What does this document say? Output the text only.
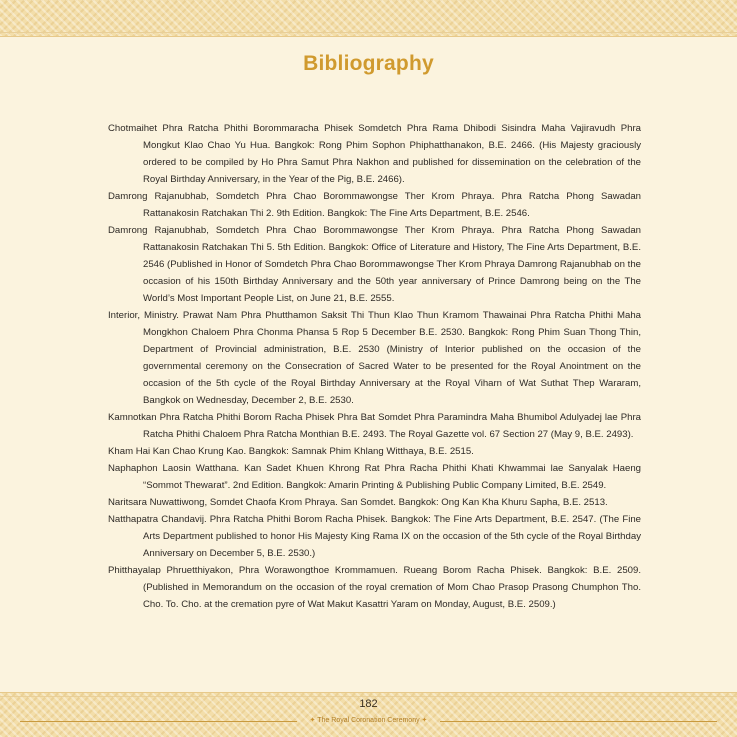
Bibliography
Chotmaihet Phra Ratcha Phithi Borommaracha Phisek Somdetch Phra Rama Dhibodi Sisindra Maha Vajiravudh Phra Mongkut Klao Chao Yu Hua. Bangkok: Rong Phim Sophon Phiphatthanakon, B.E. 2466. (His Majesty graciously ordered to be compiled by Ho Phra Samut Phra Nakhon and published for dissemination on the celebration of the Royal Birthday Anniversary, in the Year of the Pig, B.E. 2466).
Damrong Rajanubhab, Somdetch Phra Chao Borommawongse Ther Krom Phraya. Phra Ratcha Phong Sawadan Rattanakosin Ratchakan Thi 2. 9th Edition. Bangkok: The Fine Arts Department, B.E. 2546.
Damrong Rajanubhab, Somdetch Phra Chao Borommawongse Ther Krom Phraya. Phra Ratcha Phong Sawadan Rattanakosin Ratchakan Thi 5. 5th Edition. Bangkok: Office of Literature and History, The Fine Arts Department, B.E. 2546 (Published in Honor of Somdetch Phra Chao Borommawongse Ther Krom Phraya Damrong Rajanubhab on the occasion of his 150th Birthday Anniversary and the 50th year anniversary of Prince Damrong being on the The World’s Most Important People List, on June 21, B.E. 2555.
Interior, Ministry. Prawat Nam Phra Phutthamon Saksit Thi Thun Klao Thun Kramom Thawainai Phra Ratcha Phithi Maha Mongkhon Chaloem Phra Chonma Phansa 5 Rop 5 December B.E. 2530. Bangkok: Rong Phim Suan Thong Thin, Department of Provincial administration, B.E. 2530 (Ministry of Interior published on the occasion of the governmental ceremony on the Consecration of Sacred Water to be presented for the Royal Anointment on the occasion of the 5th cycle of the Royal Birthday Anniversary at the Royal Viharn of Wat Suthat Thep Wararam, Bangkok on Wednesday, December 2, B.E. 2530.
Kamnotkan Phra Ratcha Phithi Borom Racha Phisek Phra Bat Somdet Phra Paramindra Maha Bhumibol Adulyadej lae Phra Ratcha Phithi Chaloem Phra Ratcha Monthian B.E. 2493. The Royal Gazette vol. 67 Section 27 (May 9, B.E. 2493).
Kham Hai Kan Chao Krung Kao. Bangkok: Samnak Phim Khlang Witthaya, B.E. 2515.
Naphaphon Laosin Watthana. Kan Sadet Khuen Khrong Rat Phra Racha Phithi Khati Khwammai lae Sanyalak Haeng “Sommot Thewarat”. 2nd Edition. Bangkok: Amarin Printing & Publishing Public Company Limited, B.E. 2549.
Naritsara Nuwattiwong, Somdet Chaofa Krom Phraya. San Somdet. Bangkok: Ong Kan Kha Khuru Sapha, B.E. 2513.
Natthapatra Chandavij. Phra Ratcha Phithi Borom Racha Phisek. Bangkok: The Fine Arts Department, B.E. 2547. (The Fine Arts Department published to honor His Majesty King Rama IX on the occasion of the 5th cycle of the Royal Birthday Anniversary on December 5, B.E. 2530.)
Phitthayalap Phruetthiyakon, Phra Worawongthoe Krommamuen. Rueang Borom Racha Phisek. Bangkok: B.E. 2509. (Published in Memorandum on the occasion of the royal cremation of Mom Chao Prasop Prasong Chumphon Tho. Cho. To. Cho. at the cremation pyre of Wat Makut Kasattri Yaram on Monday, August, B.E. 2509.)
182
✦ The Royal Coronation Ceremony ✦
